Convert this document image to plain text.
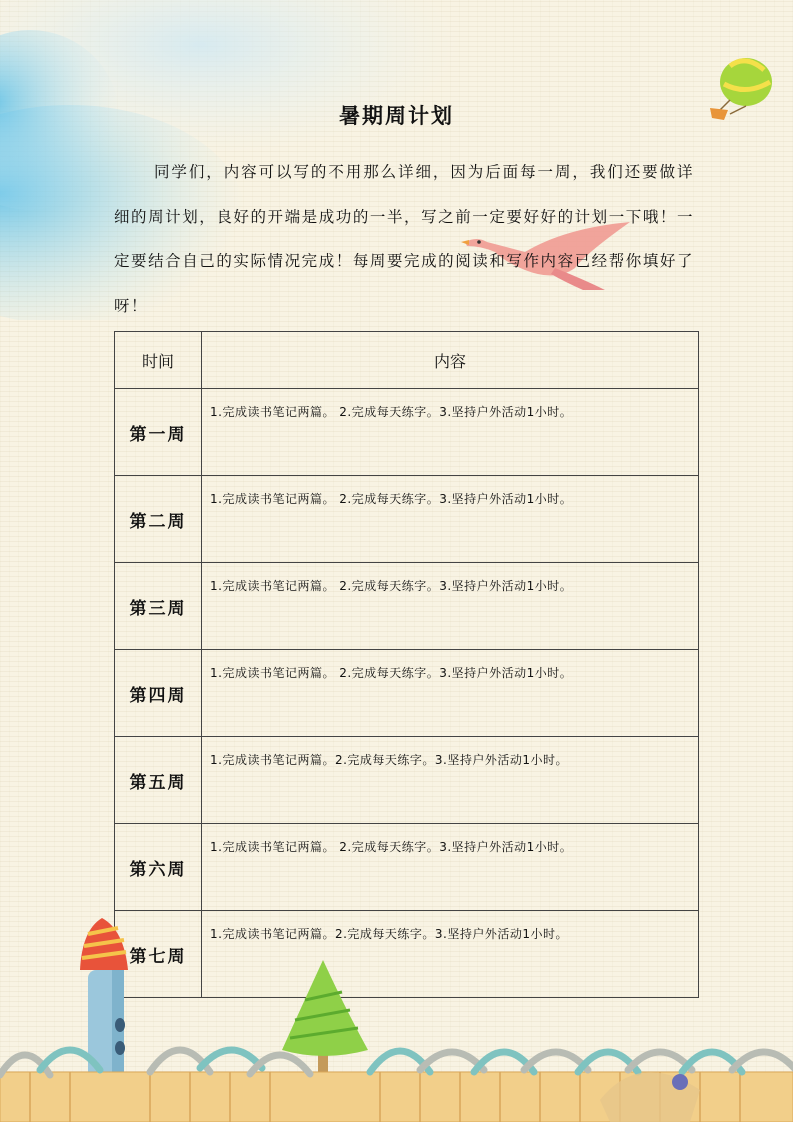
暑期周计划
同学们，内容可以写的不用那么详细，因为后面每一周，我们还要做详细的周计划，良好的开端是成功的一半，写之前一定要好好的计划一下哦！一定要结合自己的实际情况完成！每周要完成的阅读和写作内容已经帮你填好了呀！
时间	内容
第一周	1.完成读书笔记两篇。 2.完成每天练字。3.坚持户外活动1小时。
第二周	1.完成读书笔记两篇。 2.完成每天练字。3.坚持户外活动1小时。
第三周	1.完成读书笔记两篇。 2.完成每天练字。3.坚持户外活动1小时。
第四周	1.完成读书笔记两篇。 2.完成每天练字。3.坚持户外活动1小时。
第五周	1.完成读书笔记两篇。2.完成每天练字。3.坚持户外活动1小时。
第六周	1.完成读书笔记两篇。 2.完成每天练字。3.坚持户外活动1小时。
第七周	1.完成读书笔记两篇。2.完成每天练字。3.坚持户外活动1小时。
